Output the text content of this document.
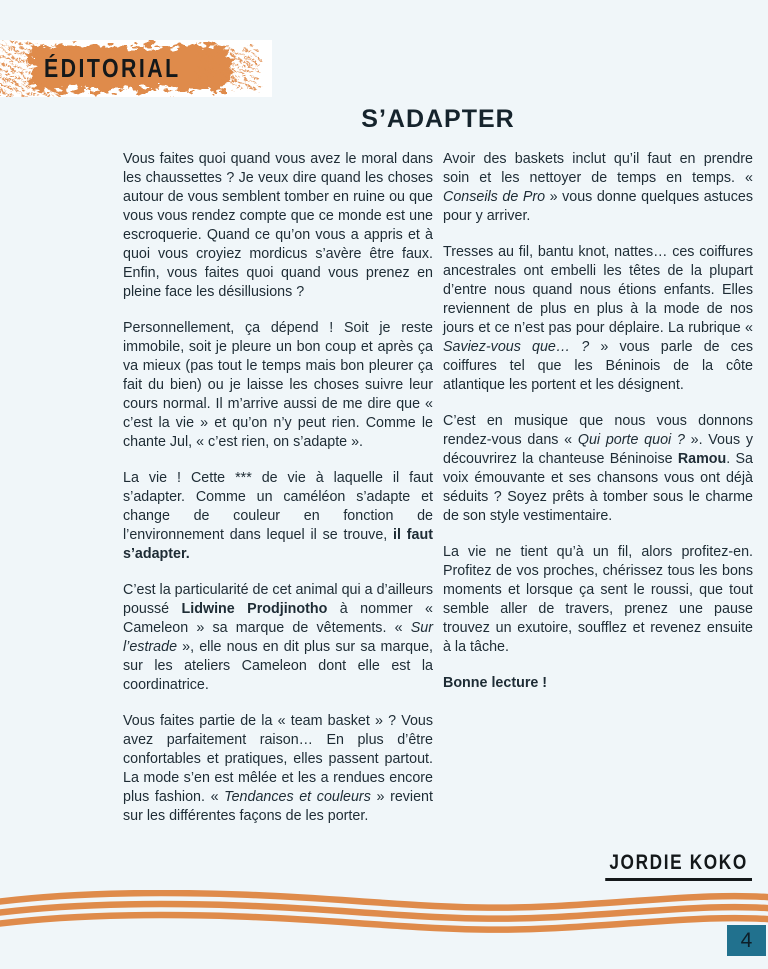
ÉDITORIAL
S’ADAPTER

Vous faites quoi quand vous avez le moral dans les chaussettes ? Je veux dire quand les choses autour de vous semblent tomber en ruine ou que vous vous rendez compte que ce monde est une escroquerie. Quand ce qu’on vous a appris et à quoi vous croyiez mordicus s’avère être faux. Enfin, vous faites quoi quand vous prenez en pleine face les désillusions ?

Personnellement, ça dépend ! Soit je reste immobile, soit je pleure un bon coup et après ça va mieux (pas tout le temps mais bon pleurer ça fait du bien) ou je laisse les choses suivre leur cours normal. Il m’arrive aussi de me dire que « c’est la vie » et qu’on n’y peut rien. Comme le chante Jul, « c’est rien, on s’adapte ».

La vie ! Cette *** de vie à laquelle il faut s’adapter. Comme un caméléon s’adapte et change de couleur en fonction de l’environnement dans lequel il se trouve, il faut s’adapter.

C’est la particularité de cet animal qui a d’ailleurs poussé Lidwine Prodjinotho à nommer « Cameleon » sa marque de vêtements. « Sur l’estrade », elle nous en dit plus sur sa marque, sur les ateliers Cameleon dont elle est la coordinatrice.

Vous faites partie de la « team basket » ? Vous avez parfaitement raison… En plus d’être confortables et pratiques, elles passent partout. La mode s’en est mêlée et les a rendues encore plus fashion. « Tendances et couleurs » revient sur les différentes façons de les porter.

Avoir des baskets inclut qu’il faut en prendre soin et les nettoyer de temps en temps. « Conseils de Pro » vous donne quelques astuces pour y arriver.

Tresses au fil, bantu knot, nattes… ces coiffures ancestrales ont embelli les têtes de la plupart d’entre nous quand nous étions enfants. Elles reviennent de plus en plus à la mode de nos jours et ce n’est pas pour déplaire. La rubrique « Saviez-vous que… ? » vous parle de ces coiffures tel que les Béninois de la côte atlantique les portent et les désignent.

C’est en musique que nous vous donnons rendez-vous dans « Qui porte quoi ? ». Vous y découvrirez la chanteuse Béninoise Ramou. Sa voix émouvante et ses chansons vous ont déjà séduits ? Soyez prêts à tomber sous le charme de son style vestimentaire.

La vie ne tient qu’à un fil, alors profitez-en. Profitez de vos proches, chérissez tous les bons moments et lorsque ça sent le roussi, que tout semble aller de travers, prenez une pause trouvez un exutoire, soufflez et revenez ensuite à la tâche.

Bonne lecture !

JORDIE KOKO
4
